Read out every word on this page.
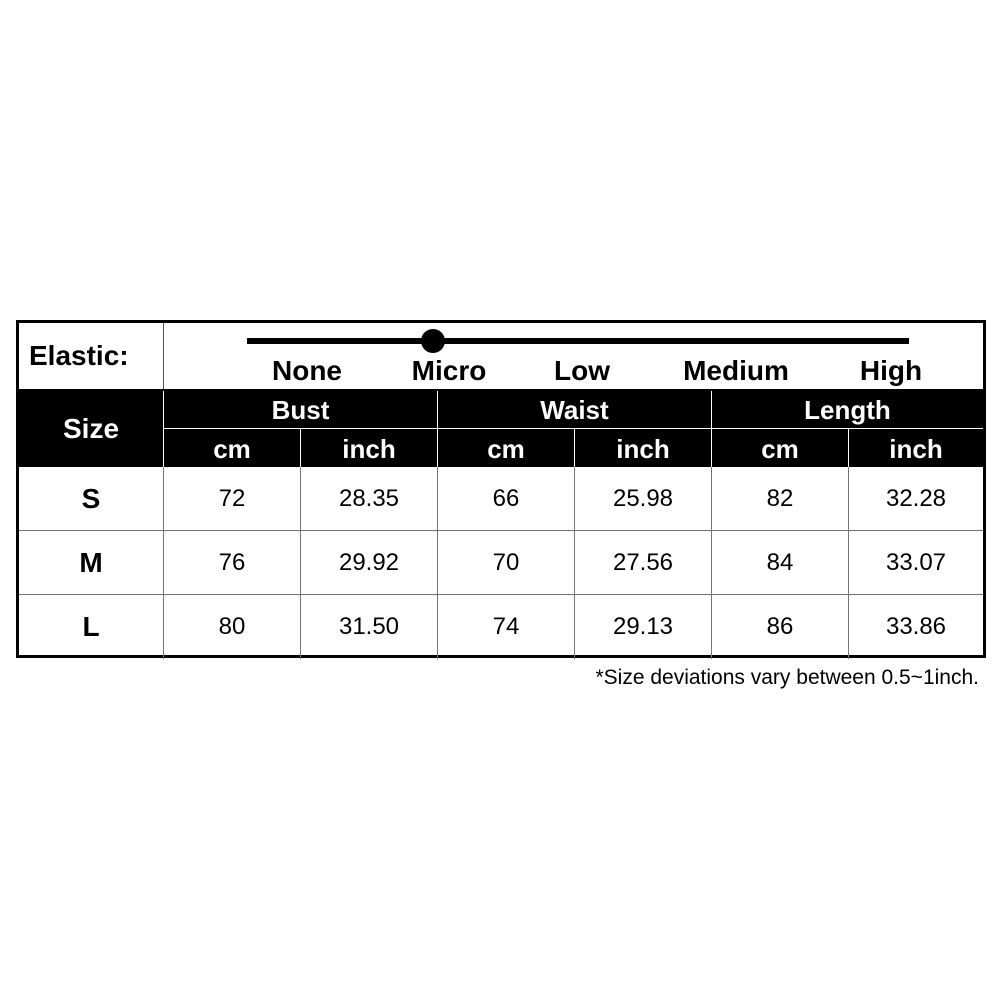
Elastic:	None Micro Low	Medium	High
Size
Bust	Waist	Length
cm	inch	cm	inch	cm	inch
S	72	28.35	66	25.98	82	32.28
M	76	29.92	70	27.56	84	33.07
L	80	31.50	74	29.13	86	33.86
*Size deviations vary between 0.5~1inch.
